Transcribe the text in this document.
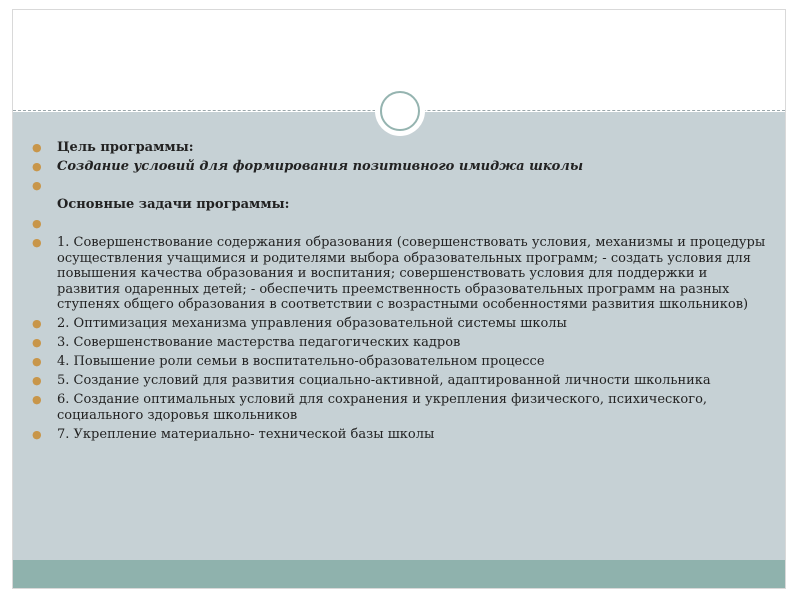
● Цель программы:
● Создание условий для формирования позитивного имиджа школы
●
Основные задачи программы:
●
● 1. Совершенствование содержания образования (совершенствовать условия, механизмы и процедуры осуществления учащимися и родителями выбора образовательных программ; - создать условия для повышения качества образования и воспитания; совершенствовать условия для поддержки и развития одаренных детей; - обеспечить преемственность образовательных программ на разных ступенях общего образования в соответствии с возрастными особенностями развития школьников)
● 2. Оптимизация механизма управления образовательной системы школы
● 3. Совершенствование мастерства педагогических кадров
● 4. Повышение роли семьи в воспитательно-образовательном процессе
● 5. Создание условий для развития социально-активной, адаптированной личности школьника
● 6. Создание оптимальных условий для сохранения и укрепления физического, психического, социального здоровья школьников
● 7. Укрепление материально- технической базы школы
